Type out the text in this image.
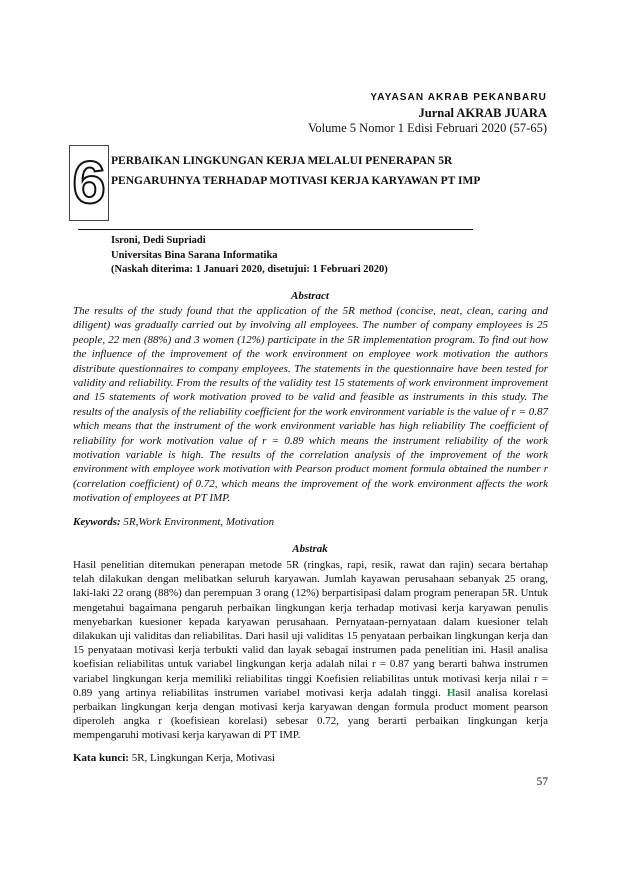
YAYASAN AKRAB PEKANBARU
Jurnal AKRAB JUARA
Volume 5 Nomor 1 Edisi Februari 2020 (57-65)
6 PERBAIKAN LINGKUNGAN KERJA MELALUI PENERAPAN 5R
PENGARUHNYA TERHADAP MOTIVASI KERJA KARYAWAN PT IMP
Isroni, Dedi Supriadi
Universitas Bina Sarana Informatika
(Naskah diterima: 1 Januari 2020, disetujui: 1 Februari 2020)
Abstract

The results of the study found that the application of the 5R method (concise, neat, clean, caring and diligent) was gradually carried out by involving all employees. The number of company employees is 25 people, 22 men (88%) and 3 women (12%) participate in the 5R implementation program. To find out how the influence of the improvement of the work environment on employee work motivation the authors distribute questionnaires to company employees. The statements in the questionnaire have been tested for validity and reliability. From the results of the validity test 15 statements of work environment improvement and 15 statements of work motivation proved to be valid and feasible as instruments in this study. The results of the analysis of the reliability coefficient for the work environment variable is the value of r = 0.87 which means that the instrument of the work environment variable has high reliability The coefficient of reliability for work motivation value of r = 0.89 which means the instrument reliability of the work motivation variable is high. The results of the correlation analysis of the improvement of the work environment with employee work motivation with Pearson product moment formula obtained the number r (correlation coefficient) of 0.72, which means the improvement of the work environment affects the work motivation of employees at PT IMP.

Keywords: 5R,Work Environment, Motivation
Abstrak

Hasil penelitian ditemukan penerapan metode 5R (ringkas, rapi, resik, rawat dan rajin) secara bertahap telah dilakukan dengan melibatkan seluruh karyawan. Jumlah kayawan perusahaan sebanyak 25 orang, laki-laki 22 orang (88%) dan perempuan 3 orang (12%) berpartisipasi dalam program penerapan 5R. Untuk mengetahui bagaimana pengaruh perbaikan lingkungan kerja terhadap motivasi kerja karyawan penulis menyebarkan kuesioner kepada karyawan perusahaan. Pernyataan-pernyataan dalam kuesioner telah dilakukan uji validitas dan reliabilitas. Dari hasil uji validitas 15 penyataan perbaikan lingkungan kerja dan 15 penyataan motivasi kerja terbukti valid dan layak sebagai instrumen pada penelitian ini. Hasil analisa koefisian reliabilitas untuk variabel lingkungan kerja adalah nilai r = 0.87 yang berarti bahwa instrumen variabel lingkungan kerja memiliki reliabilitas tinggi Koefisien reliabilitas untuk motivasi kerja nilai r = 0.89 yang artinya reliabilitas instrumen variabel motivasi kerja adalah tinggi. Hasil analisa korelasi perbaikan lingkungan kerja dengan motivasi kerja karyawan dengan formula product moment pearson diperoleh angka r (koefisiean korelasi) sebesar 0.72, yang berarti perbaikan lingkungan kerja mempengaruhi motivasi kerja karyawan di PT IMP.

Kata kunci: 5R, Lingkungan Kerja, Motivasi
57
